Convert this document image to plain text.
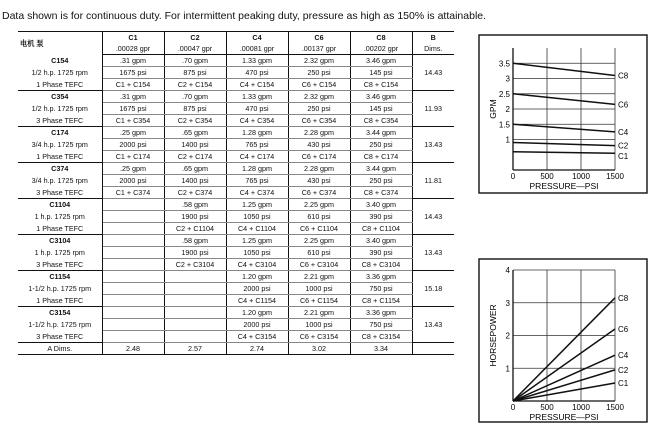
Data shown is for continuous duty. For intermittent peaking duty, pressure as high as 150% is attainable.
电机 泵	C1	C2	C4	C6	C8	B
	.00028 gpr	.00047 gpr	.00081 gpr	.00137 gpr	.00202 gpr	Dims.
C154	.31 gpm	.70 gpm	1.33 gpm	2.32 gpm	3.46 gpm	14.43
1/2 h.p. 1725 rpm	1675 psi	875 psi	470 psi	250 psi	145 psi	
1 Phase TEFC	C1 + C154	C2 + C154	C4 + C154	C6 + C154	C8 + C154	
C354	.31 gpm	.70 gpm	1.33 gpm	2.32 gpm	3.46 gpm	11.93
1/2 h.p. 1725 rpm	1675 psi	875 psi	470 psi	250 psi	145 psi	
3 Phase TEFC	C1 + C354	C2 + C354	C4 + C354	C6 + C354	C8 + C354	
C174	.25 gpm	.65 gpm	1.28 gpm	2.28 gpm	3.44 gpm	13.43
3/4 h.p. 1725 rpm	2000 psi	1400 psi	765 psi	430 psi	250 psi	
1 Phase TEFC	C1 + C174	C2 + C174	C4 + C174	C6 + C174	C8 + C174	
C374	.25 gpm	.65 gpm	1.28 gpm	2.28 gpm	3.44 gpm	11.81
3/4 h.p. 1725 rpm	2000 psi	1400 psi	765 psi	430 psi	250 psi	
3 Phase TEFC	C1 + C374	C2 + C374	C4 + C374	C6 + C374	C8 + C374	
C1104		.58 gpm	1.25 gpm	2.25 gpm	3.40 gpm	14.43
1 h.p. 1725 rpm		1900 psi	1050 psi	610 psi	390 psi	
1 Phase TEFC		C2 + C1104	C4 + C1104	C6 + C1104	C8 + C1104	
C3104		.58 gpm	1.25 gpm	2.25 gpm	3.40 gpm	13.43
1 h.p. 1725 rpm		1900 psi	1050 psi	610 psi	390 psi	
3 Phase TEFC		C2 + C3104	C4 + C3104	C6 + C3104	C8 + C3104	
C1154			1.20 gpm	2.21 gpm	3.36 gpm	15.18
1-1/2 h.p. 1725 rpm			2000 psi	1000 psi	750 psi	
1 Phase TEFC			C4 + C1154	C6 + C1154	C8 + C1154	
C3154			1.20 gpm	2.21 gpm	3.36 gpm	13.43
1-1/2 h.p. 1725 rpm			2000 psi	1000 psi	750 psi	
3 Phase TEFC			C4 + C3154	C6 + C3154	C8 + C3154	
A Dims.	2.48	2.57	2.74	3.02	3.34	
0	500 1000 1500
1
1.5
2
2.5
3
3.5
C8
C6
C4
C2
C1
PRESSURE—PSI
GPM
0	500 1000 1500
1
2
3
4
C8
C6
C4
C2
C1
PRESSURE—PSI
HORSEPOWER
